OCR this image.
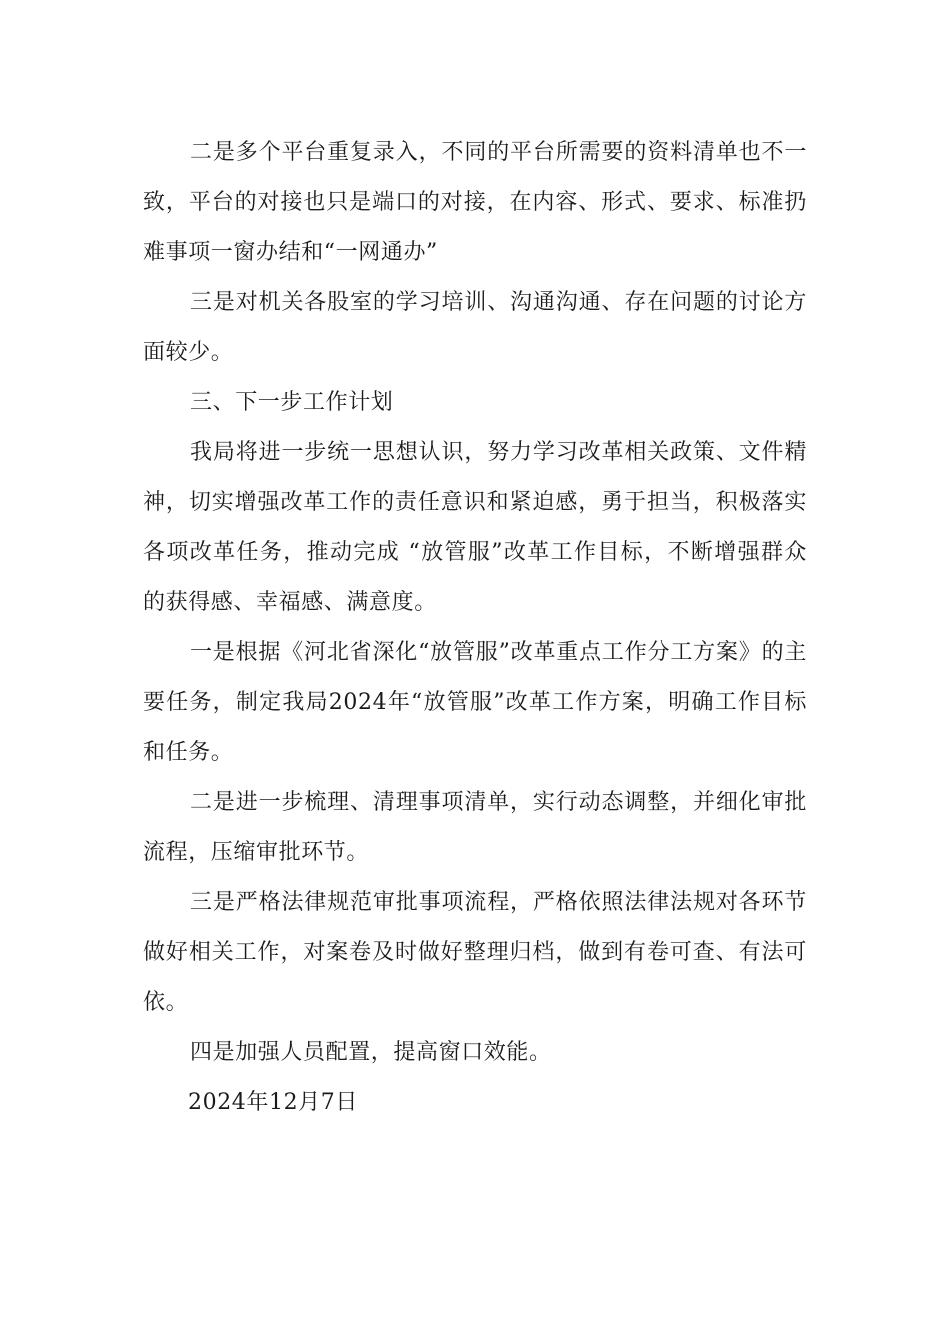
二是多个平台重复录入，不同的平台所需要的资料清单也不一致，平台的对接也只是端口的对接，在内容、形式、要求、标准扔难事项一窗办结和“一网通办”

三是对机关各股室的学习培训、沟通沟通、存在问题的讨论方面较少。

三、下一步工作计划

我局将进一步统一思想认识，努力学习改革相关政策、文件精神，切实增强改革工作的责任意识和紧迫感，勇于担当，积极落实各项改革任务，推动完成 “放管服”改革工作目标，不断增强群众的获得感、幸福感、满意度。

一是根据《河北省深化“放管服”改革重点工作分工方案》的主要任务，制定我局2024年“放管服”改革工作方案，明确工作目标和任务。

二是进一步梳理、清理事项清单，实行动态调整，并细化审批流程，压缩审批环节。

三是严格法律规范审批事项流程，严格依照法律法规对各环节做好相关工作，对案卷及时做好整理归档，做到有卷可查、有法可依。

四是加强人员配置，提高窗口效能。

2024年12月7日
